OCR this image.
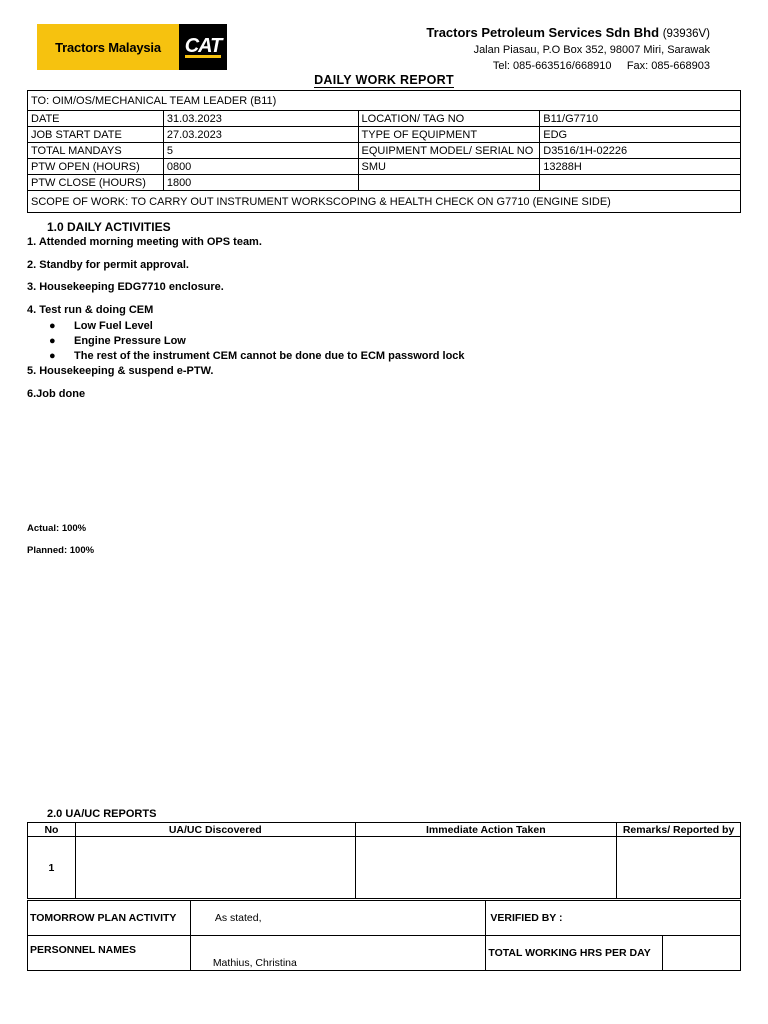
Tractors Malaysia	CAT
Tractors Petroleum Services Sdn Bhd (93936V)
Jalan Piasau, P.O Box 352, 98007 Miri, Sarawak
Tel: 085-663516/668910     Fax: 085-668903
DAILY WORK REPORT
TO: OIM/OS/MECHANICAL TEAM LEADER (B11)			
DATE	31.03.2023	LOCATION/ TAG NO	B11/G7710
JOB START DATE	27.03.2023	TYPE OF EQUIPMENT	EDG
TOTAL MANDAYS	5	EQUIPMENT MODEL/ SERIAL NO	D3516/1H-02226
PTW OPEN (HOURS)	0800	SMU	13288H
PTW CLOSE (HOURS)	1800		
SCOPE OF WORK: TO CARRY OUT INSTRUMENT WORKSCOPING & HEALTH CHECK ON G7710 (ENGINE SIDE)			
1.0 DAILY ACTIVITIES
1. Attended morning meeting with OPS team.
2. Standby for permit approval.
3. Housekeeping EDG7710 enclosure.
4. Test run & doing CEM
● Low Fuel Level
● Engine Pressure Low
● The rest of the instrument CEM cannot be done due to ECM password lock
5. Housekeeping & suspend e-PTW.
6.Job done
Actual: 100%
Planned: 100%
2.0 UA/UC REPORTS
No	UA/UC Discovered	Immediate Action Taken	Remarks/ Reported by
1			
TOMORROW PLAN ACTIVITY	As stated,	VERIFIED BY :	
PERSONNEL NAMES	Mathius, Christina	TOTAL WORKING HRS PER DAY	
